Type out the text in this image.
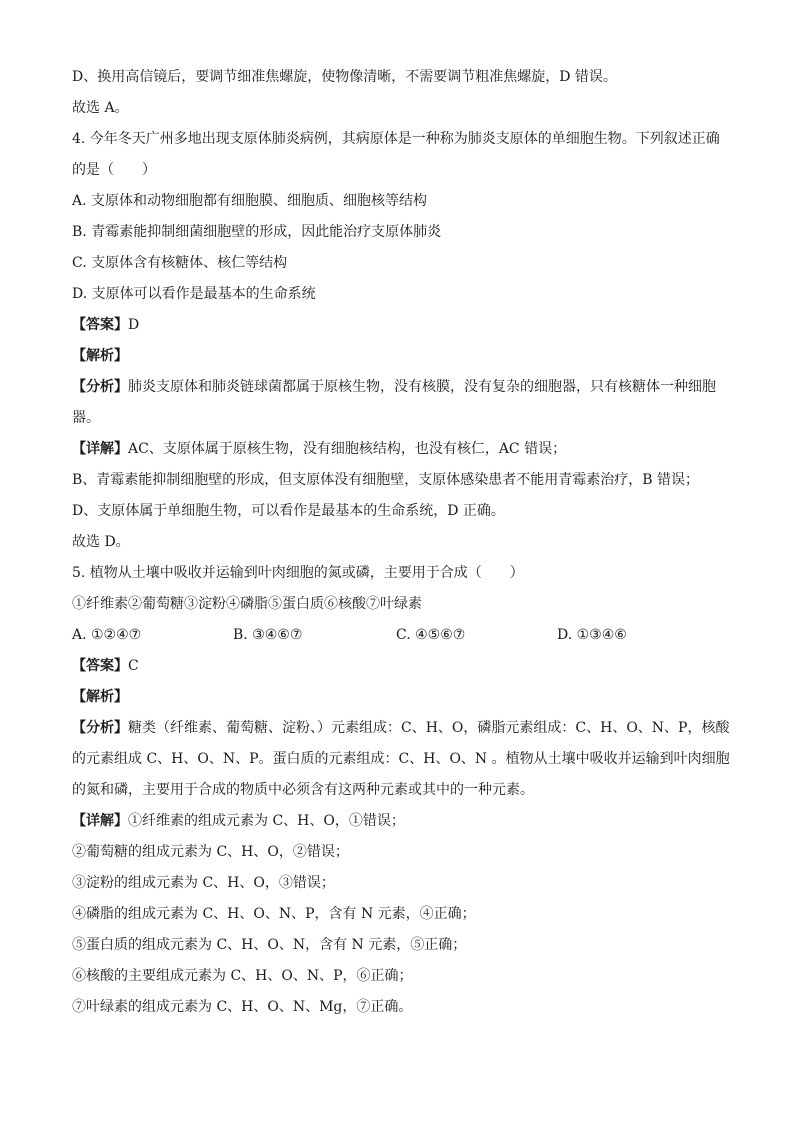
D、换用高信镜后，要调节细准焦螺旋，使物像清晰，不需要调节粗准焦螺旋，D 错误。
故选 A。
4. 今年冬天广州多地出现支原体肺炎病例，其病原体是一种称为肺炎支原体的单细胞生物。下列叙述正确
的是（　　）
A. 支原体和动物细胞都有细胞膜、细胞质、细胞核等结构
B. 青霉素能抑制细菌细胞壁的形成，因此能治疗支原体肺炎
C. 支原体含有核糖体、核仁等结构
D. 支原体可以看作是最基本的生命系统
【答案】D
【解析】
【分析】肺炎支原体和肺炎链球菌都属于原核生物，没有核膜，没有复杂的细胞器，只有核糖体一种细胞
器。
【详解】AC、支原体属于原核生物，没有细胞核结构，也没有核仁，AC 错误；
B、青霉素能抑制细胞壁的形成，但支原体没有细胞壁，支原体感染患者不能用青霉素治疗，B 错误；
D、支原体属于单细胞生物，可以看作是最基本的生命系统，D 正确。
故选 D。
5. 植物从土壤中吸收并运输到叶肉细胞的氮或磷，主要用于合成（　　）
①纤维素②葡萄糖③淀粉④磷脂⑤蛋白质⑥核酸⑦叶绿素
A. ①②④⑦	B. ③④⑥⑦	C. ④⑤⑥⑦	D. ①③④⑥
【答案】C
【解析】
【分析】糖类（纤维素、葡萄糖、淀粉、）元素组成：C、H、O，磷脂元素组成：C、H、O、N、P，核酸
的元素组成 C、H、O、N、P。蛋白质的元素组成：C、H、O、N 。植物从土壤中吸收并运输到叶肉细胞
的氮和磷，主要用于合成的物质中必须含有这两种元素或其中的一种元素。
【详解】①纤维素的组成元素为 C、H、O，①错误；
②葡萄糖的组成元素为 C、H、O，②错误；
③淀粉的组成元素为 C、H、O，③错误；
④磷脂的组成元素为 C、H、O、N、P，含有 N 元素，④正确；
⑤蛋白质的组成元素为 C、H、O、N，含有 N 元素，⑤正确；
⑥核酸的主要组成元素为 C、H、O、N、P，⑥正确；
⑦叶绿素的组成元素为 C、H、O、N、Mg，⑦正确。
